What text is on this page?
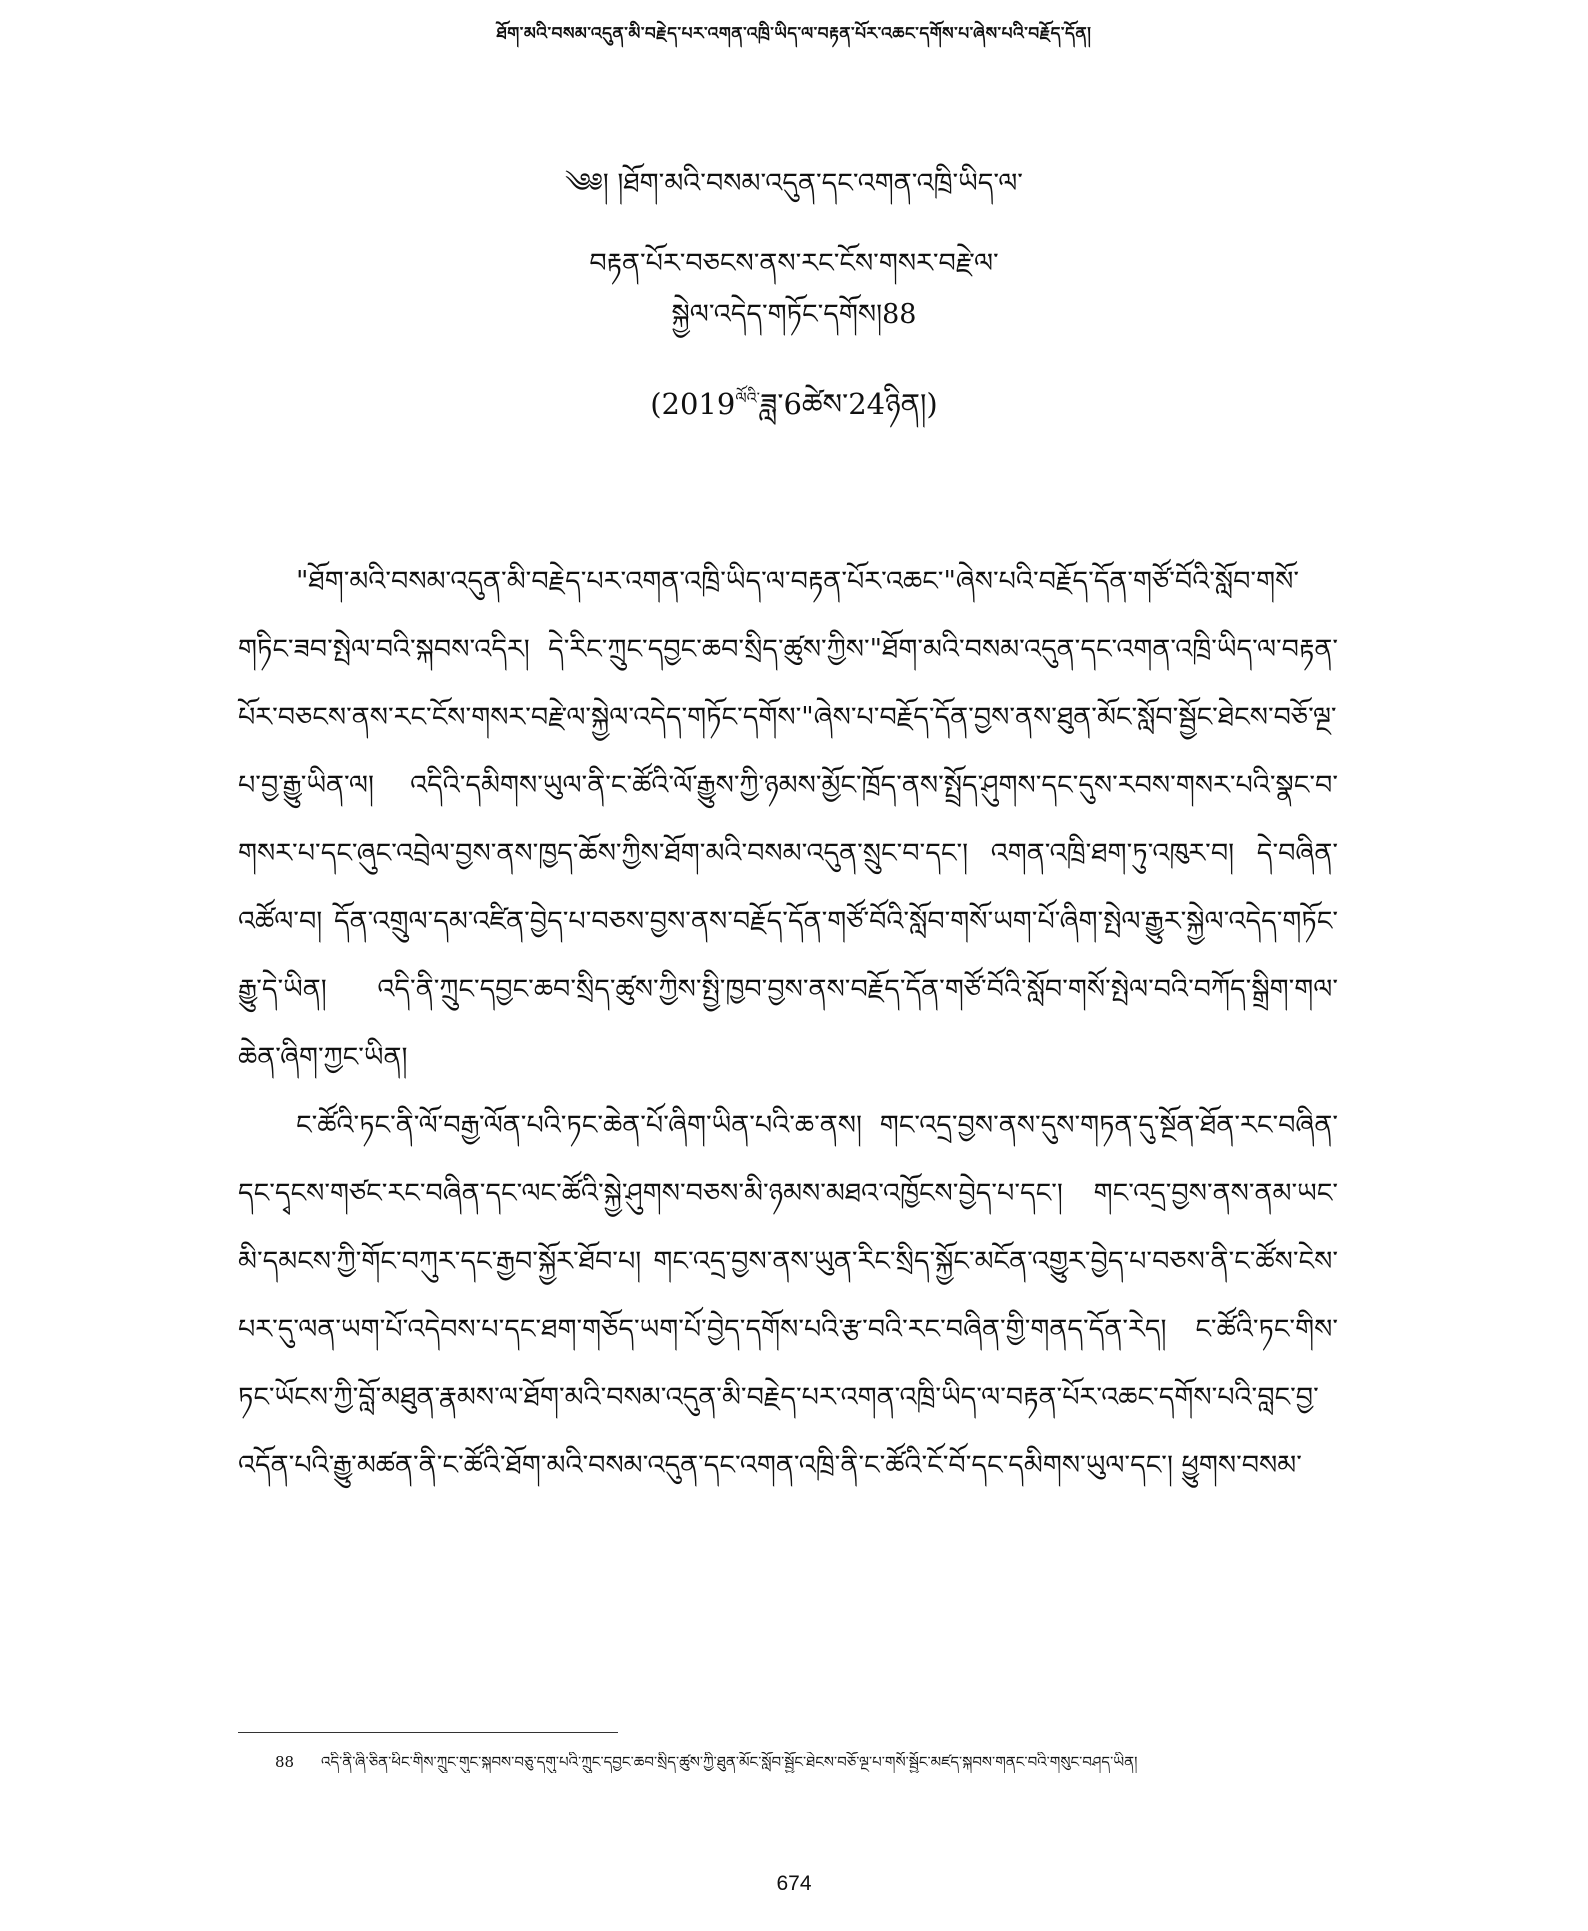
ཐོག་མའི་བསམ་འདུན་མི་བརྗེད་པར་འགན་འཁྲི་ཡིད་ལ་བརྟན་པོར་འཆང་དགོས་པ་ཞེས་པའི་བརྗོད་དོན།

༄༅། །ཐོག་མའི་བསམ་འདུན་དང་འགན་འཁྲི་ཡིད་ལ་

བརྟན་པོར་བཅངས་ནས་རང་ངོས་གསར་བརྗེ་ལ་

སྐྱེལ་འདེད་གཏོང་དགོས།88

$(2019^{ལོའི་}ཟླ་6ཚེས་24ཉིན།)$

"ཐོག་མའི་བསམ་འདུན་མི་བརྗེད་པར་འགན་འཁྲི་ཡིད་ལ་བརྟན་པོར་འཆང་"ཞེས་པའི་བརྗོད་དོན་གཙོ་བོའི་སློབ་གསོ་གཏིང་ཟབ་སྤེལ་བའི་སྐབས་འདིར། དེ་རིང་ཀྲུང་དབྱང་ཆབ་སྲིད་ཚུས་ཀྱིས་"ཐོག་མའི་བསམ་འདུན་དང་འགན་འཁྲི་ཡིད་ལ་བརྟན་པོར་བཅངས་ནས་རང་ངོས་གསར་བརྗེ་ལ་སྐྱེལ་འདེད་གཏོང་དགོས་"ཞེས་པ་བརྗོད་དོན་བྱས་ནས་ཐུན་མོང་སློབ་སྦྱོང་ཐེངས་བཅོ་ལྔ་པ་བྱ་རྒྱུ་ཡིན་ལ། འདིའི་དམིགས་ཡུལ་ནི་ང་ཚོའི་ལོ་རྒྱུས་ཀྱི་ཉམས་མྱོང་ཁྲོད་ནས་སྤྲོད་ཤུགས་དང་དུས་རབས་གསར་པའི་སྣང་བ་གསར་པ་དང་ཞུང་འབྲེལ་བྱས་ནས་ཁྱད་ཆོས་ཀྱིས་ཐོག་མའི་བསམ་འདུན་སྲུང་བ་དང་། འགན་འཁྲི་ཐག་ཏུ་འཁུར་བ། དེ་བཞིན་འཚོལ་བ། དོན་འགྲུལ་དམ་འཛིན་བྱེད་པ་བཅས་བྱས་ནས་བརྗོད་དོན་གཙོ་བོའི་སློབ་གསོ་ཡག་པོ་ཞིག་སྤེལ་རྒྱུར་སྐྱེལ་འདེད་གཏོང་རྒྱུ་དེ་ཡིན། འདི་ནི་ཀྲུང་དབྱང་ཆབ་སྲིད་ཚུས་ཀྱིས་སྤྱི་ཁྱབ་བྱས་ནས་བརྗོད་དོན་གཙོ་བོའི་སློབ་གསོ་སྤེལ་བའི་བཀོད་སྒྲིག་གལ་ཆེན་ཞིག་ཀྱང་ཡིན།

ང་ཚོའི་ཏང་ནི་ལོ་བརྒྱ་ལོན་པའི་ཏང་ཆེན་པོ་ཞིག་ཡིན་པའི་ཆ་ནས། གང་འདྲ་བྱས་ནས་དུས་གཏན་དུ་སྔོན་ཐོན་རང་བཞིན་དང་དྭངས་གཙང་རང་བཞིན་དང་ལང་ཚོའི་སྐྱེ་ཤུགས་བཅས་མི་ཉམས་མཐའ་འཁྱོངས་བྱེད་པ་དང་། གང་འདྲ་བྱས་ནས་ནམ་ཡང་མི་དམངས་ཀྱི་གོང་བཀུར་དང་རྒྱབ་སྐྱོར་ཐོབ་པ། གང་འདྲ་བྱས་ནས་ཡུན་རིང་སྲིད་སྐྱོང་མངོན་འགྱུར་བྱེད་པ་བཅས་ནི་ང་ཚོས་ངེས་པར་དུ་ལན་ཡག་པོ་འདེབས་པ་དང་ཐག་གཅོད་ཡག་པོ་བྱེད་དགོས་པའི་རྩ་བའི་རང་བཞིན་གྱི་གནད་དོན་རེད། ང་ཚོའི་ཏང་གིས་ཏང་ཡོངས་ཀྱི་བློ་མཐུན་རྣམས་ལ་ཐོག་མའི་བསམ་འདུན་མི་བརྗེད་པར་འགན་འཁྲི་ཡིད་ལ་བརྟན་པོར་འཆང་དགོས་པའི་བླང་བྱ་འདོན་པའི་རྒྱུ་མཚན་ནི་ང་ཚོའི་ཐོག་མའི་བསམ་འདུན་དང་འགན་འཁྲི་ནི་ང་ཚོའི་ངོ་བོ་དང་དམིགས་ཡུལ་དང་། ཕྱུགས་བསམ་

88 འདི་ནི་ཞི་ཅིན་ཕིང་གིས་ཀྲུང་གུང་སྐབས་བཅུ་དགུ་པའི་ཀྲུང་དབྱང་ཆབ་སྲིད་ཚུས་ཀྱི་ཐུན་མོང་སློབ་སྦྱོང་ཐེངས་བཅོ་ལྔ་པ་གསོ་སྦྱོང་མཛད་སྐབས་གནང་བའི་གསུང་བཤད་ཡིན།
674
